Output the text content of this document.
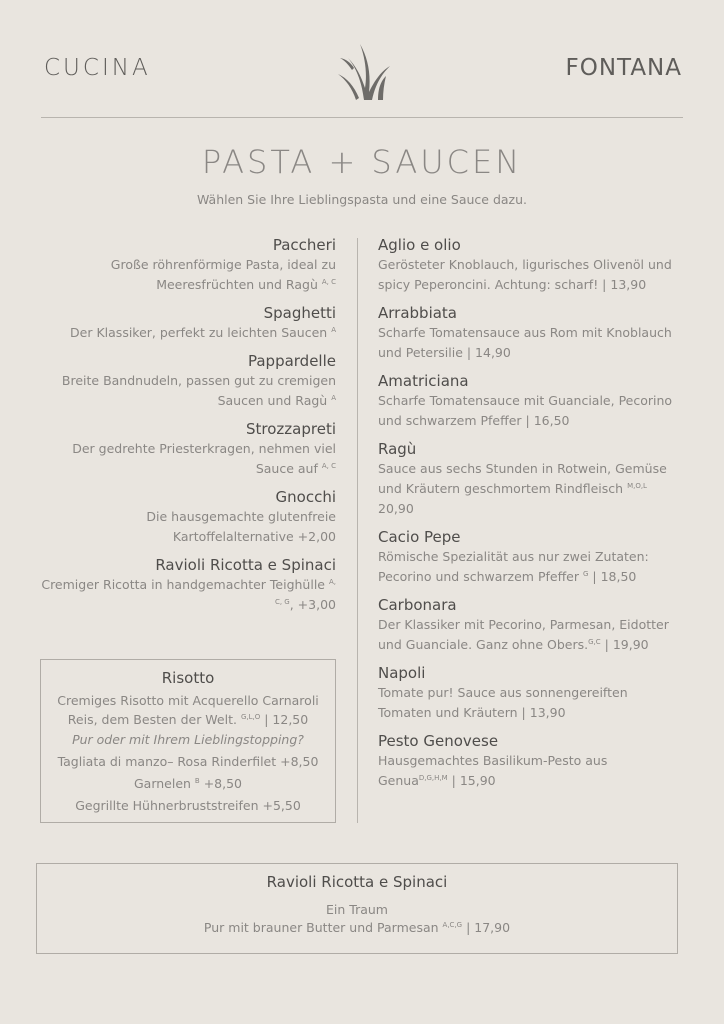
CUCINA	FONTANA
PASTA + SAUCEN
Wählen Sie Ihre Lieblingspasta und eine Sauce dazu.
Paccheri
Große röhrenförmige Pasta, ideal zu Meeresfrüchten und Ragù $^{A, C}$
Spaghetti
Der Klassiker, perfekt zu leichten Saucen $^A$
Pappardelle
Breite Bandnudeln, passen gut zu cremigen Saucen und Ragù $^A$
Strozzapreti
Der gedrehte Priesterkragen, nehmen viel Sauce auf $^{A, C}$
Gnocchi
Die hausgemachte glutenfreie Kartoffelalternative +2,00
Ravioli Ricotta e Spinaci
Cremiger Ricotta in handgemachter Teighülle $^{A, C, G}$, +3,00
Risotto
Cremiges Risotto mit Acquerello Carnaroli Reis, dem Besten der Welt. $^{G,L,O}$ | 12,50
Pur oder mit Ihrem Lieblingstopping?
Tagliata di manzo– Rosa Rinderfilet +8,50
Garnelen $^B$ +8,50
Gegrillte Hühnerbruststreifen +5,50
Aglio e olio
Gerösteter Knoblauch, ligurisches Olivenöl und spicy Peperoncini. Achtung: scharf! | 13,90
Arrabbiata
Scharfe Tomatensauce aus Rom mit Knoblauch und Petersilie | 14,90
Amatriciana
Scharfe Tomatensauce mit Guanciale, Pecorino und schwarzem Pfeffer | 16,50
Ragù
Sauce aus sechs Stunden in Rotwein, Gemüse und Kräutern geschmortem Rindfleisch $^{M,O,L}$
20,90
Cacio Pepe
Römische Spezialität aus nur zwei Zutaten: Pecorino und schwarzem Pfeffer $^G$ | 18,50
Carbonara
Der Klassiker mit Pecorino, Parmesan, Eidotter und Guanciale. Ganz ohne Obers.$^{G,C}$ | 19,90
Napoli
Tomate pur! Sauce aus sonnengereiften Tomaten und Kräutern | 13,90
Pesto Genovese
Hausgemachtes Basilikum-Pesto aus Genua$^{D,G,H,M}$ | 15,90
Ravioli Ricotta e Spinaci
Ein Traum
Pur mit brauner Butter und Parmesan $^{A,C,G}$ | 17,90
